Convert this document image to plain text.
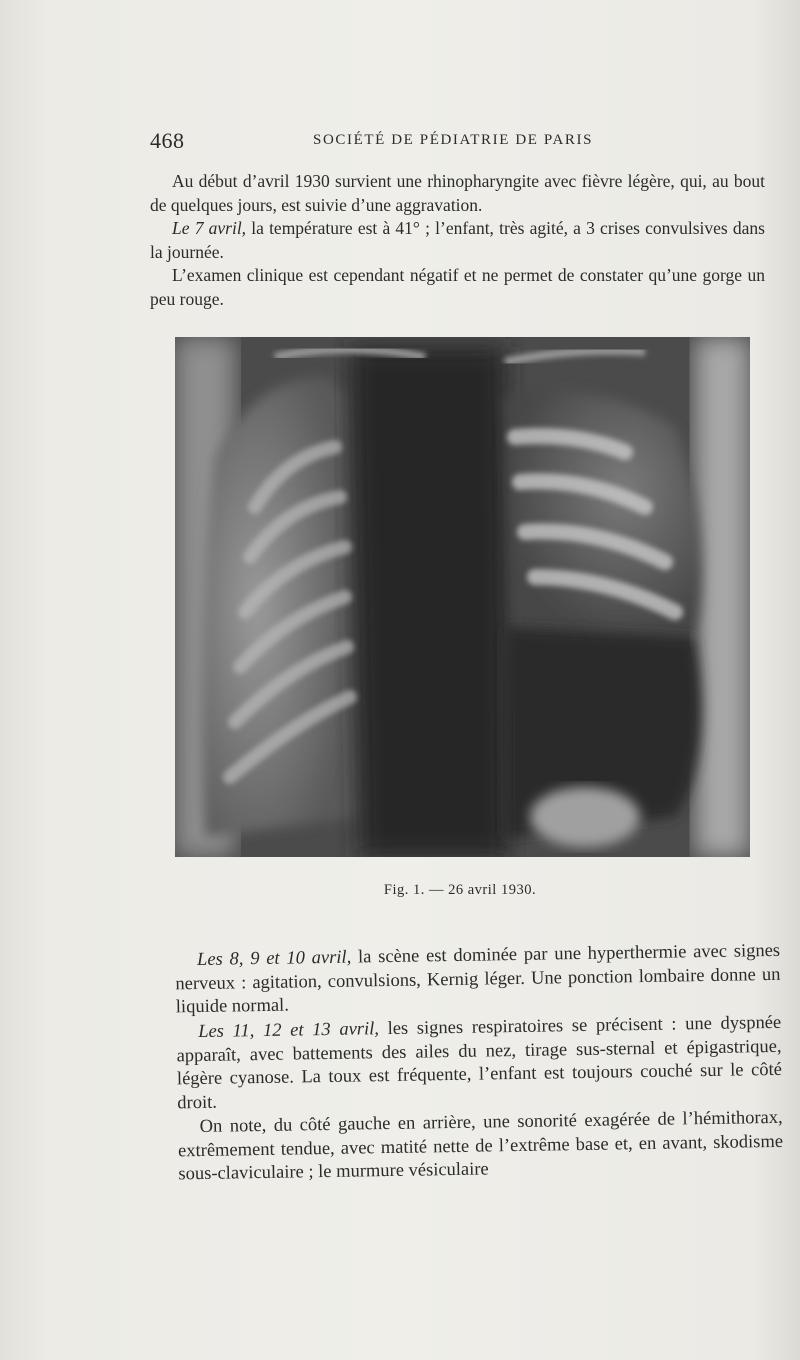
468	SOCIÉTÉ DE PÉDIATRIE DE PARIS

Au début d’avril 1930 survient une rhinopharyngite avec fièvre légère, qui, au bout de quelques jours, est suivie d’une aggravation.

Le 7 avril, la température est à 41° ; l’enfant, très agité, a 3 crises convulsives dans la journée.

L’examen clinique est cependant négatif et ne permet de constater qu’une gorge un peu rouge.

Fig. 1. — 26 avril 1930.

Les 8, 9 et 10 avril, la scène est dominée par une hyperthermie avec signes nerveux : agitation, convulsions, Kernig léger. Une ponction lombaire donne un liquide normal.

Les 11, 12 et 13 avril, les signes respiratoires se précisent : une dyspnée apparaît, avec battements des ailes du nez, tirage sus-sternal et épigastrique, légère cyanose. La toux est fréquente, l’enfant est toujours couché sur le côté droit.

On note, du côté gauche en arrière, une sonorité exagérée de l’hémithorax, extrêmement tendue, avec matité nette de l’extrême base et, en avant, skodisme sous-claviculaire ; le murmure vésiculaire
